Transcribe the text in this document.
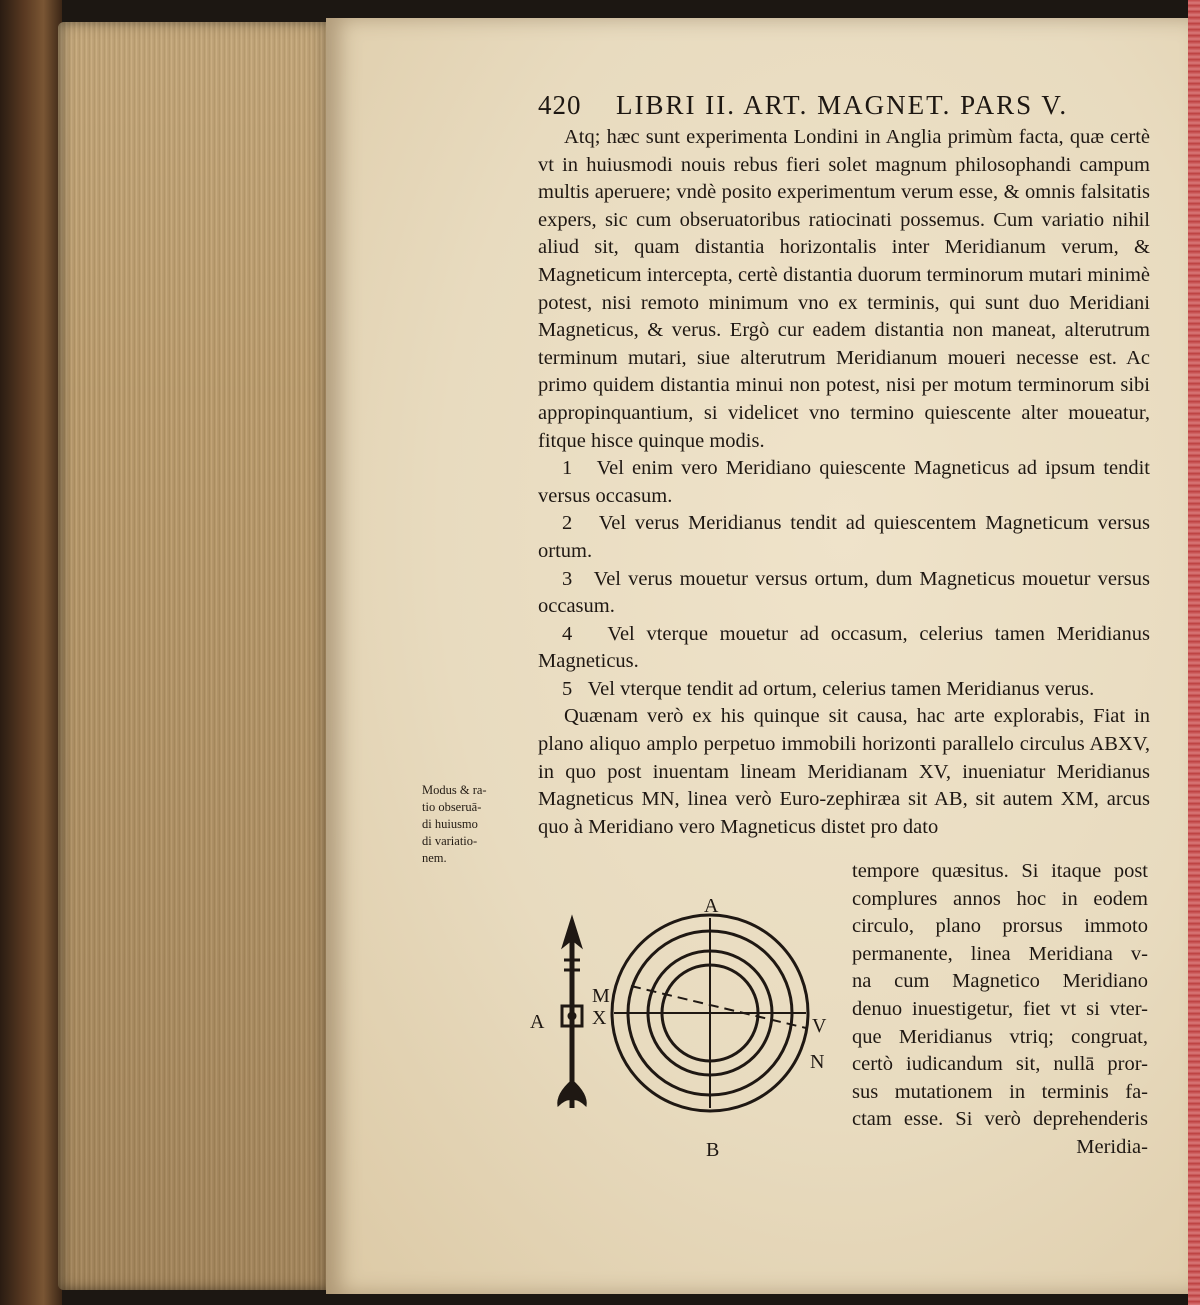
420 LIBRI II. ART. MAGNET. PARS V.

Atq; hæc sunt experimenta Londini in Anglia primùm facta, quæ certè vt in huiusmodi nouis rebus fieri solet magnum philosophandi campum multis aperuere; vndè posito experimentum verum esse, & omnis falsitatis expers, sic cum obseruatoribus ratiocinati possemus. Cum variatio nihil aliud sit, quam distantia horizontalis inter Meridianum verum, & Magneticum intercepta, certè distantia duorum terminorum mutari minimè potest, nisi remoto minimum vno ex terminis, qui sunt duo Meridiani Magneticus, & verus. Ergò cur eadem distantia non maneat, alterutrum terminum mutari, siue alterutrum Meridianum moueri necesse est. Ac primo quidem distantia minui non potest, nisi per motum terminorum sibi appropinquantium, si videlicet vno termino quiescente alter moueatur, fitque hisce quinque modis.

1 Vel enim vero Meridiano quiescente Magneticus ad ipsum tendit versus occasum.

2 Vel verus Meridianus tendit ad quiescentem Magneticum versus ortum.

3 Vel verus mouetur versus ortum, dum Magneticus mouetur versus occasum.

4 Vel vterque mouetur ad occasum, celerius tamen Meridianus Magneticus.

5 Vel vterque tendit ad ortum, celerius tamen Meridianus verus.

Quænam verò ex his quinque sit causa, hac arte explorabis, Fiat in plano aliquo amplo perpetuo immobili horizonti parallelo circulus ABXV, in quo post inuentam lineam Meridianam XV, inueniatur Meridianus Magneticus MN, linea verò Euro-zephiræa sit AB, sit autem XM, arcus quo à Meridiano vero Magneticus distet pro dato

Modus & ra-
tio obseruā-
di huiusmo
di variatio-
nem.
A
B
A
M
X	V
N
tempore quæsitus. Si itaque post
complures annos hoc in eodem
circulo, plano prorsus immoto
permanente, linea Meridiana v-
na cum Magnetico Meridiano
denuo inuestigetur, fiet vt si vter-
que Meridianus vtriq; congruat,
certò iudicandum sit, nullā pror-
sus mutationem in terminis fa-
ctam esse. Si verò deprehenderis
Meridia-
